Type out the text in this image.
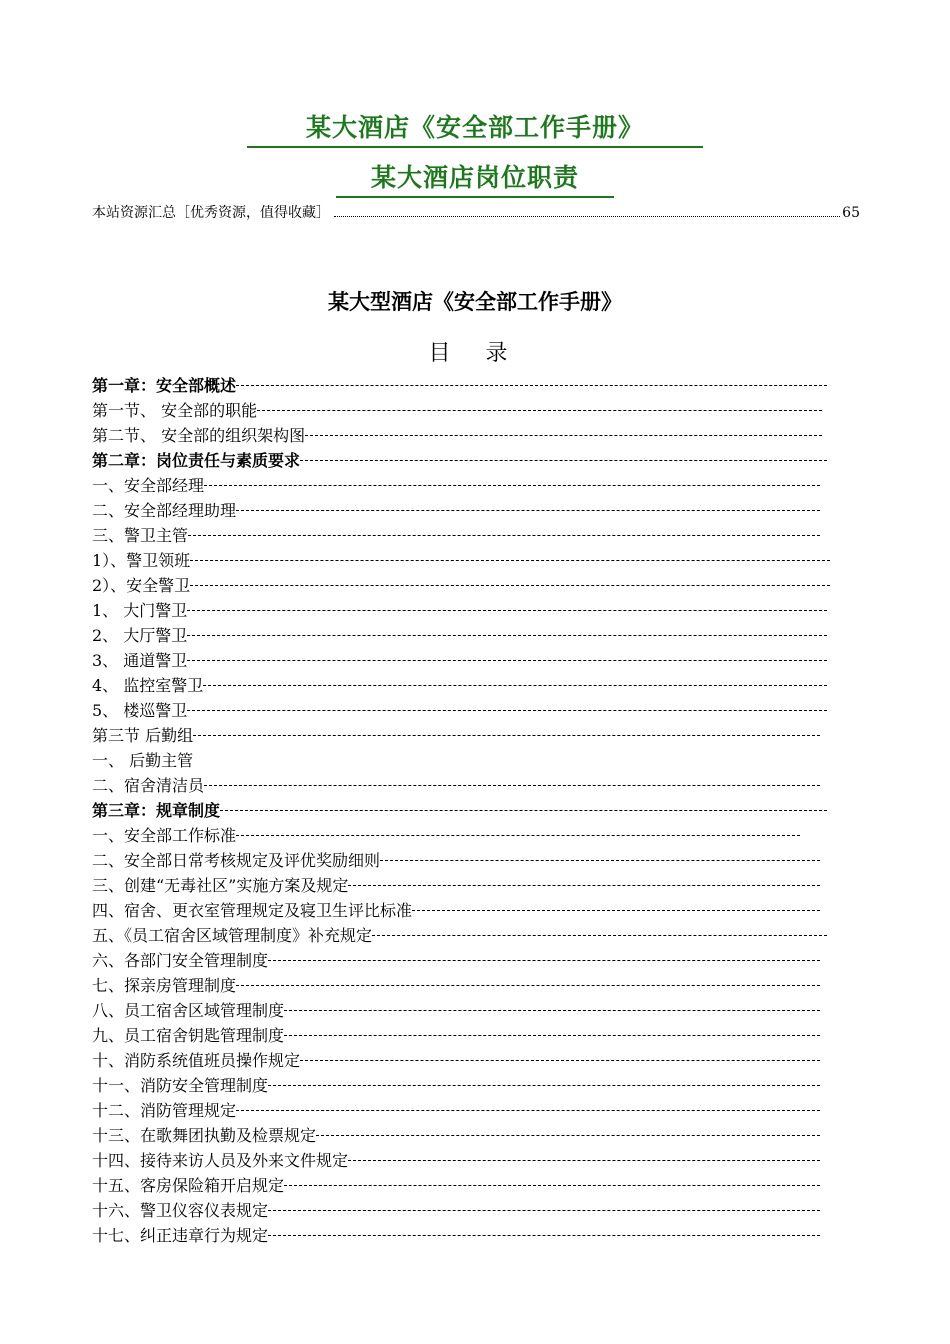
某大酒店《安全部工作手册》
某大酒店岗位职责
本站资源汇总［优秀资源，值得收藏］	65
某大型酒店《安全部工作手册》
目 录
第一章：安全部概述
第一节、 安全部的职能
第二节、 安全部的组织架构图
第二章：岗位责任与素质要求
一、安全部经理
二、安全部经理助理
三、警卫主管
1）、警卫领班
2）、安全警卫
1、 大门警卫
2、 大厅警卫
3、 通道警卫
4、 监控室警卫
5、 楼巡警卫
第三节 后勤组
一、 后勤主管
二、宿舍清洁员
第三章：规章制度
一、安全部工作标准
二、安全部日常考核规定及评优奖励细则
三、创建“无毒社区”实施方案及规定
四、宿舍、更衣室管理规定及寝卫生评比标准
五、《员工宿舍区域管理制度》补充规定
六、各部门安全管理制度
七、探亲房管理制度
八、员工宿舍区域管理制度
九、员工宿舍钥匙管理制度
十、消防系统值班员操作规定
十一、消防安全管理制度
十二、消防管理规定
十三、在歌舞团执勤及检票规定
十四、接待来访人员及外来文件规定
十五、客房保险箱开启规定
十六、警卫仪容仪表规定
十七、纠正违章行为规定
